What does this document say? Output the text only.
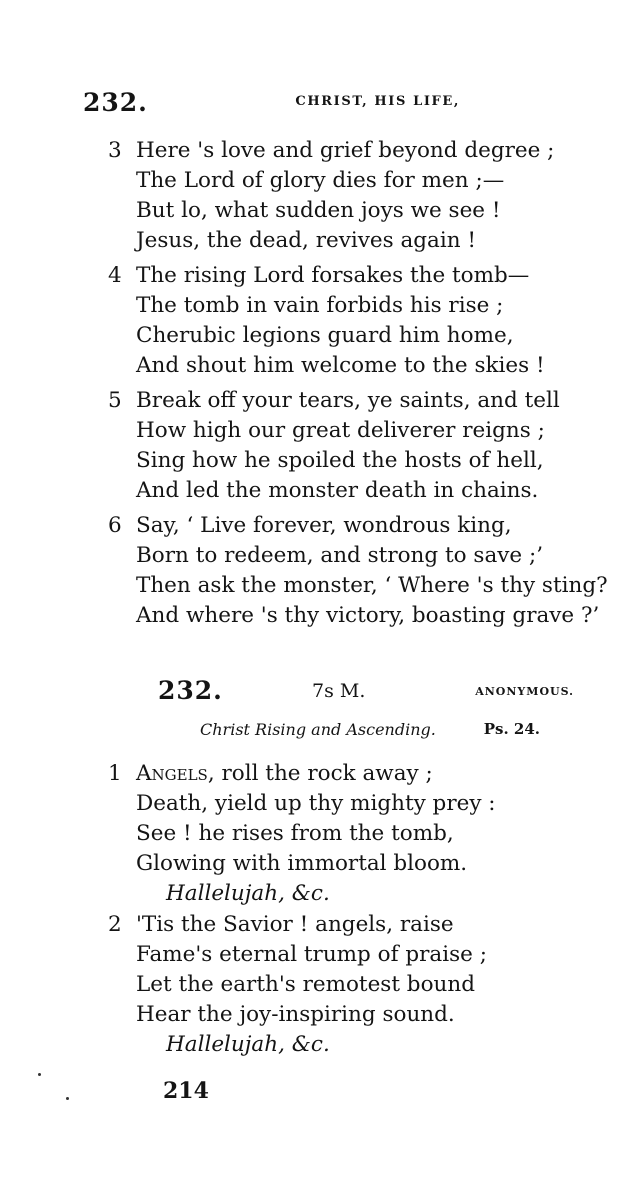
232.	CHRIST, HIS LIFE,
3 Here 's love and grief beyond degree ;
The Lord of glory dies for men ;—
But lo, what sudden joys we see !
Jesus, the dead, revives again !
4 The rising Lord forsakes the tomb—
The tomb in vain forbids his rise ;
Cherubic legions guard him home,
And shout him welcome to the skies !
5 Break off your tears, ye saints, and tell
How high our great deliverer reigns ;
Sing how he spoiled the hosts of hell,
And led the monster death in chains.
6 Say, ‘ Live forever, wondrous king,
Born to redeem, and strong to save ;’
Then ask the monster, ‘ Where 's thy sting?
And where 's thy victory, boasting grave ?’
232.	7s M.	ANONYMOUS.
Christ Rising and Ascending.	Ps. 24.
1 Angels, roll the rock away ;
Death, yield up thy mighty prey :
See ! he rises from the tomb,
Glowing with immortal bloom.
Hallelujah, &c.
2 'Tis the Savior ! angels, raise
Fame's eternal trump of praise ;
Let the earth's remotest bound
Hear the joy-inspiring sound.
Hallelujah, &c.
214
